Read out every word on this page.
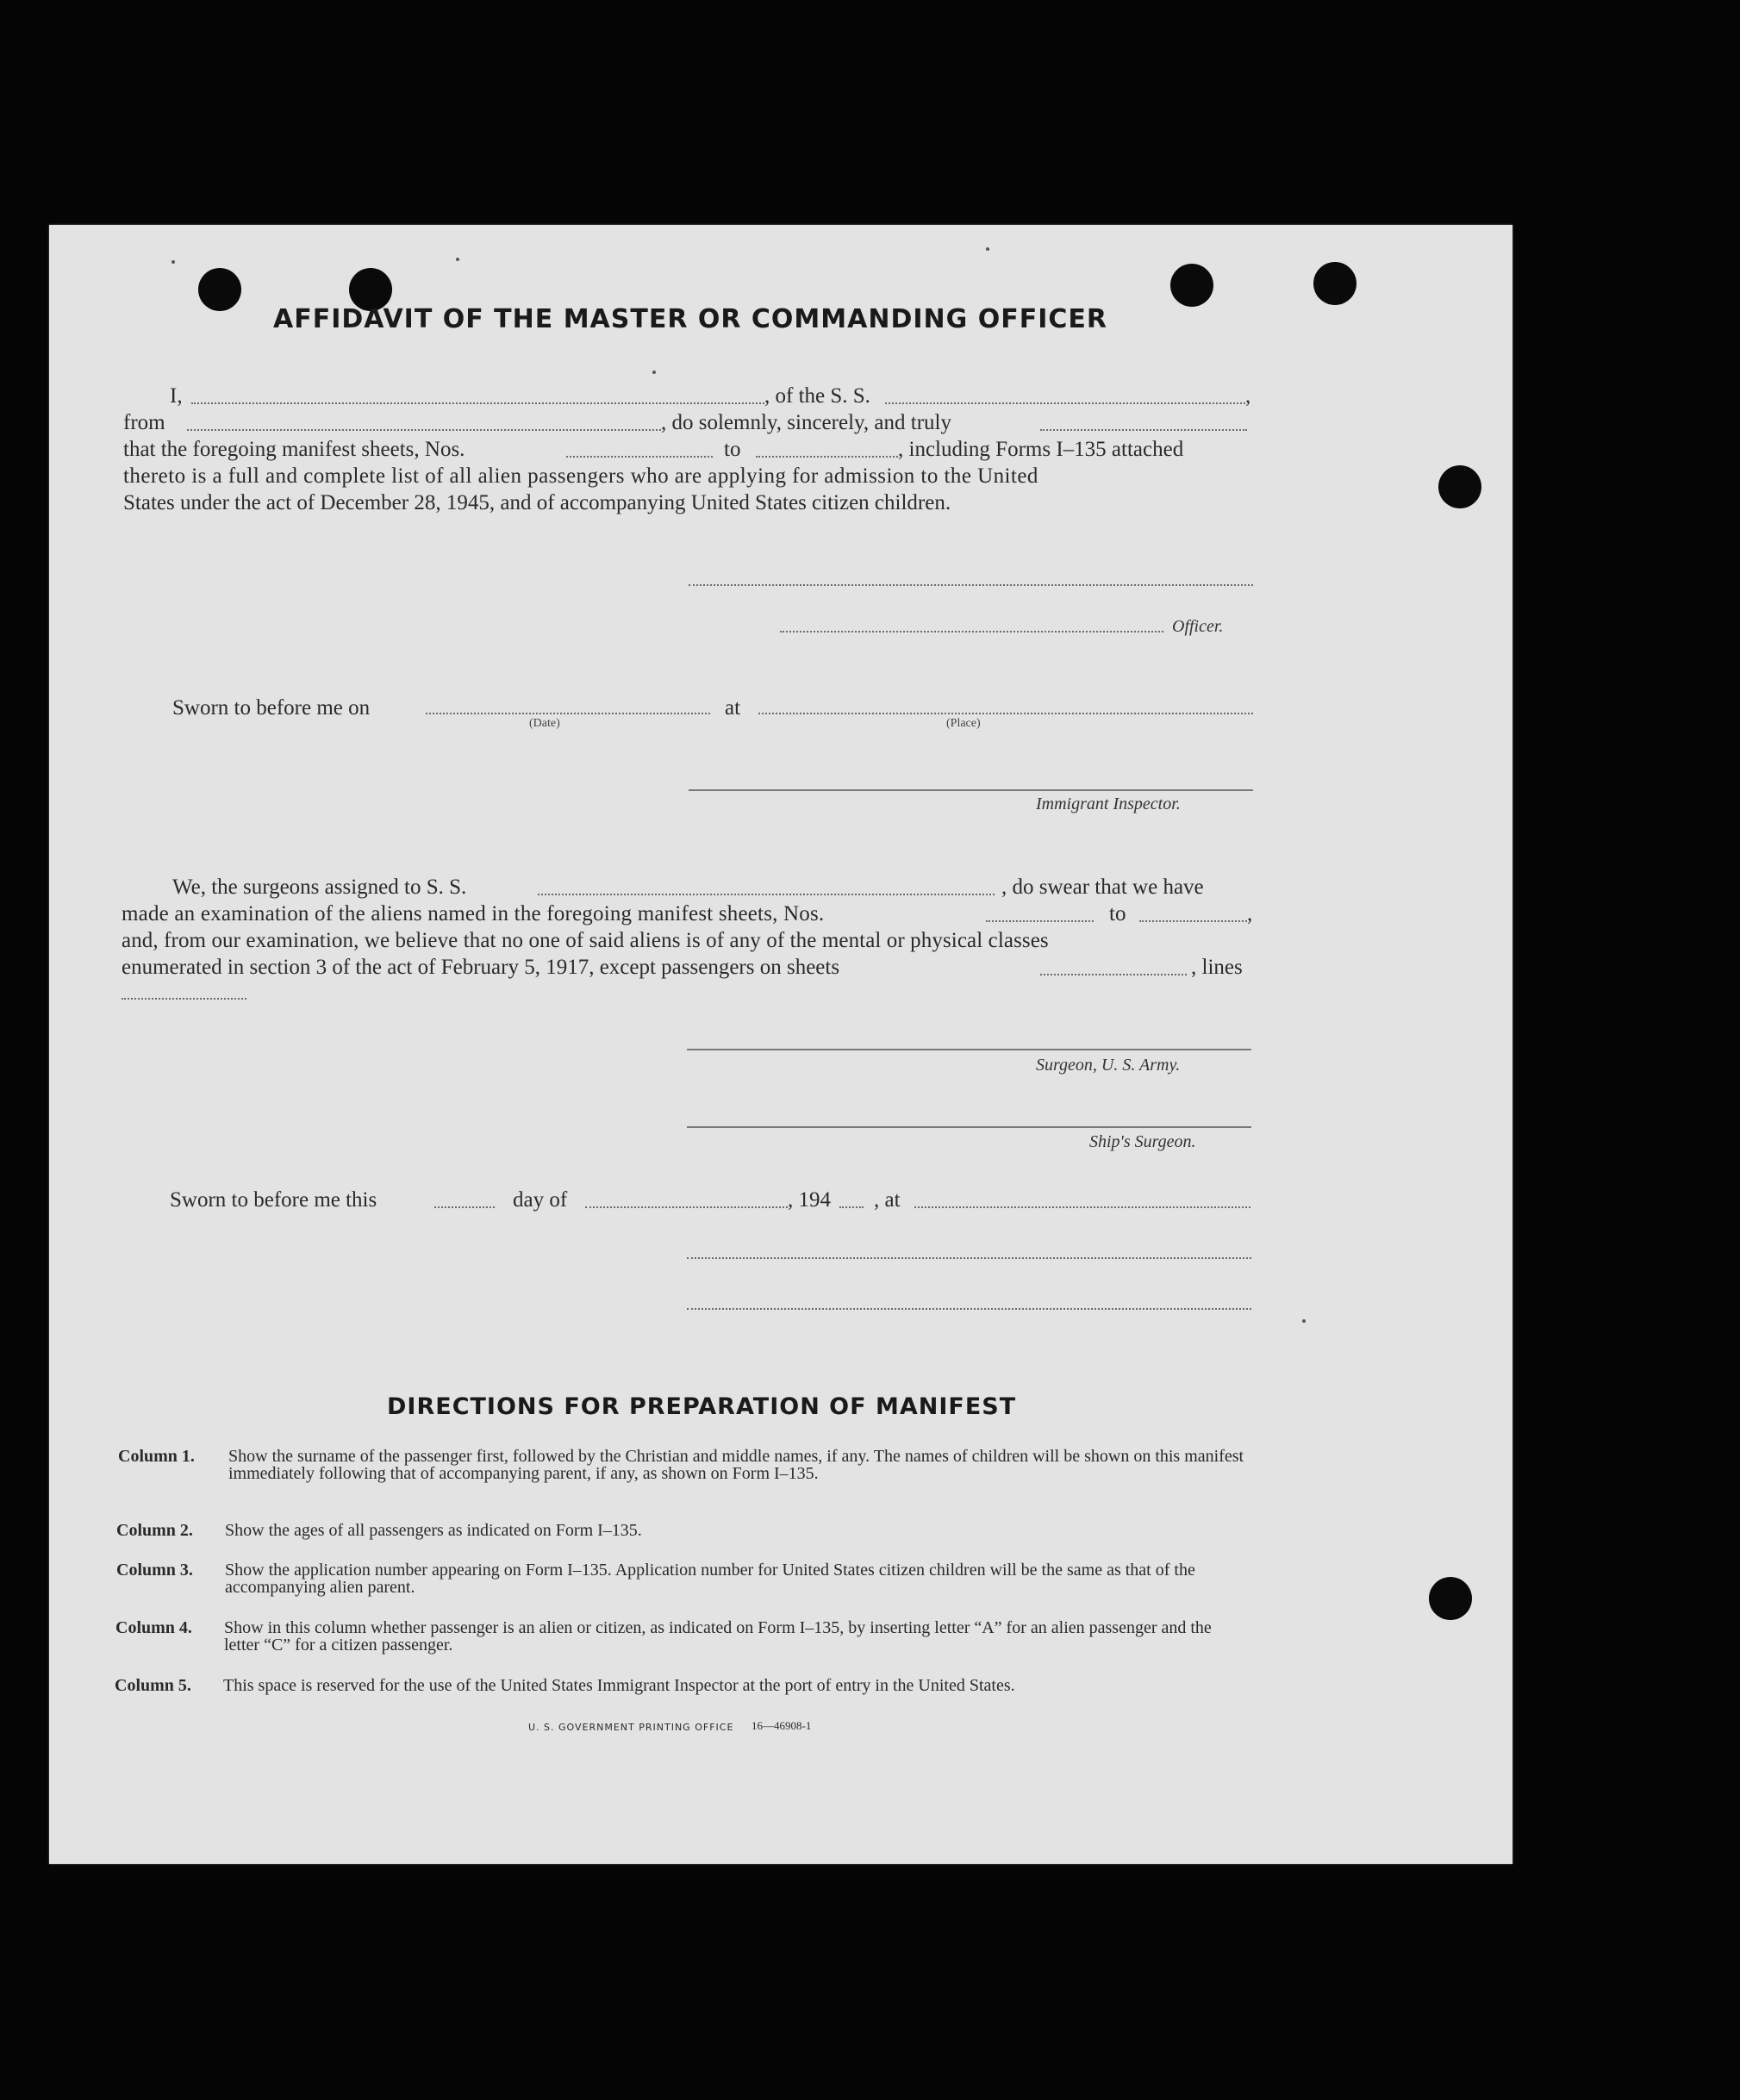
AFFIDAVIT OF THE MASTER OR COMMANDING OFFICER

I,	, of the S. S.	,
from	, do solemnly, sincerely, and truly
that the foregoing manifest sheets, Nos.	to	, including Forms I–135 attached
thereto is a full and complete list of all alien passengers who are applying for admission to the United
States under the act of December 28, 1945, and of accompanying United States citizen children.
Officer.
Sworn to before me on	at
(Date)	(Place)
Immigrant Inspector.
We, the surgeons assigned to S. S.	, do swear that we have
made an examination of the aliens named in the foregoing manifest sheets, Nos.	to	,
and, from our examination, we believe that no one of said aliens is of any of the mental or physical classes
enumerated in section 3 of the act of February 5, 1917, except passengers on sheets	, lines
Surgeon, U. S. Army.
Ship's Surgeon.
Sworn to before me this	day of	, 194 , at

DIRECTIONS FOR PREPARATION OF MANIFEST

Column 1. Show the surname of the passenger first, followed by the Christian and middle names, if any. The names of children will be shown on this manifest immediately following that of accompanying parent, if any, as shown on Form I–135.
Column 2. Show the ages of all passengers as indicated on Form I–135.
Column 3. Show the application number appearing on Form I–135. Application number for United States citizen children will be the same as that of the accompanying alien parent.
Column 4. Show in this column whether passenger is an alien or citizen, as indicated on Form I–135, by inserting letter “A” for an alien passenger and the letter “C” for a citizen passenger.
Column 5. This space is reserved for the use of the United States Immigrant Inspector at the port of entry in the United States.
U. S. GOVERNMENT PRINTING OFFICE 16—46908-1
